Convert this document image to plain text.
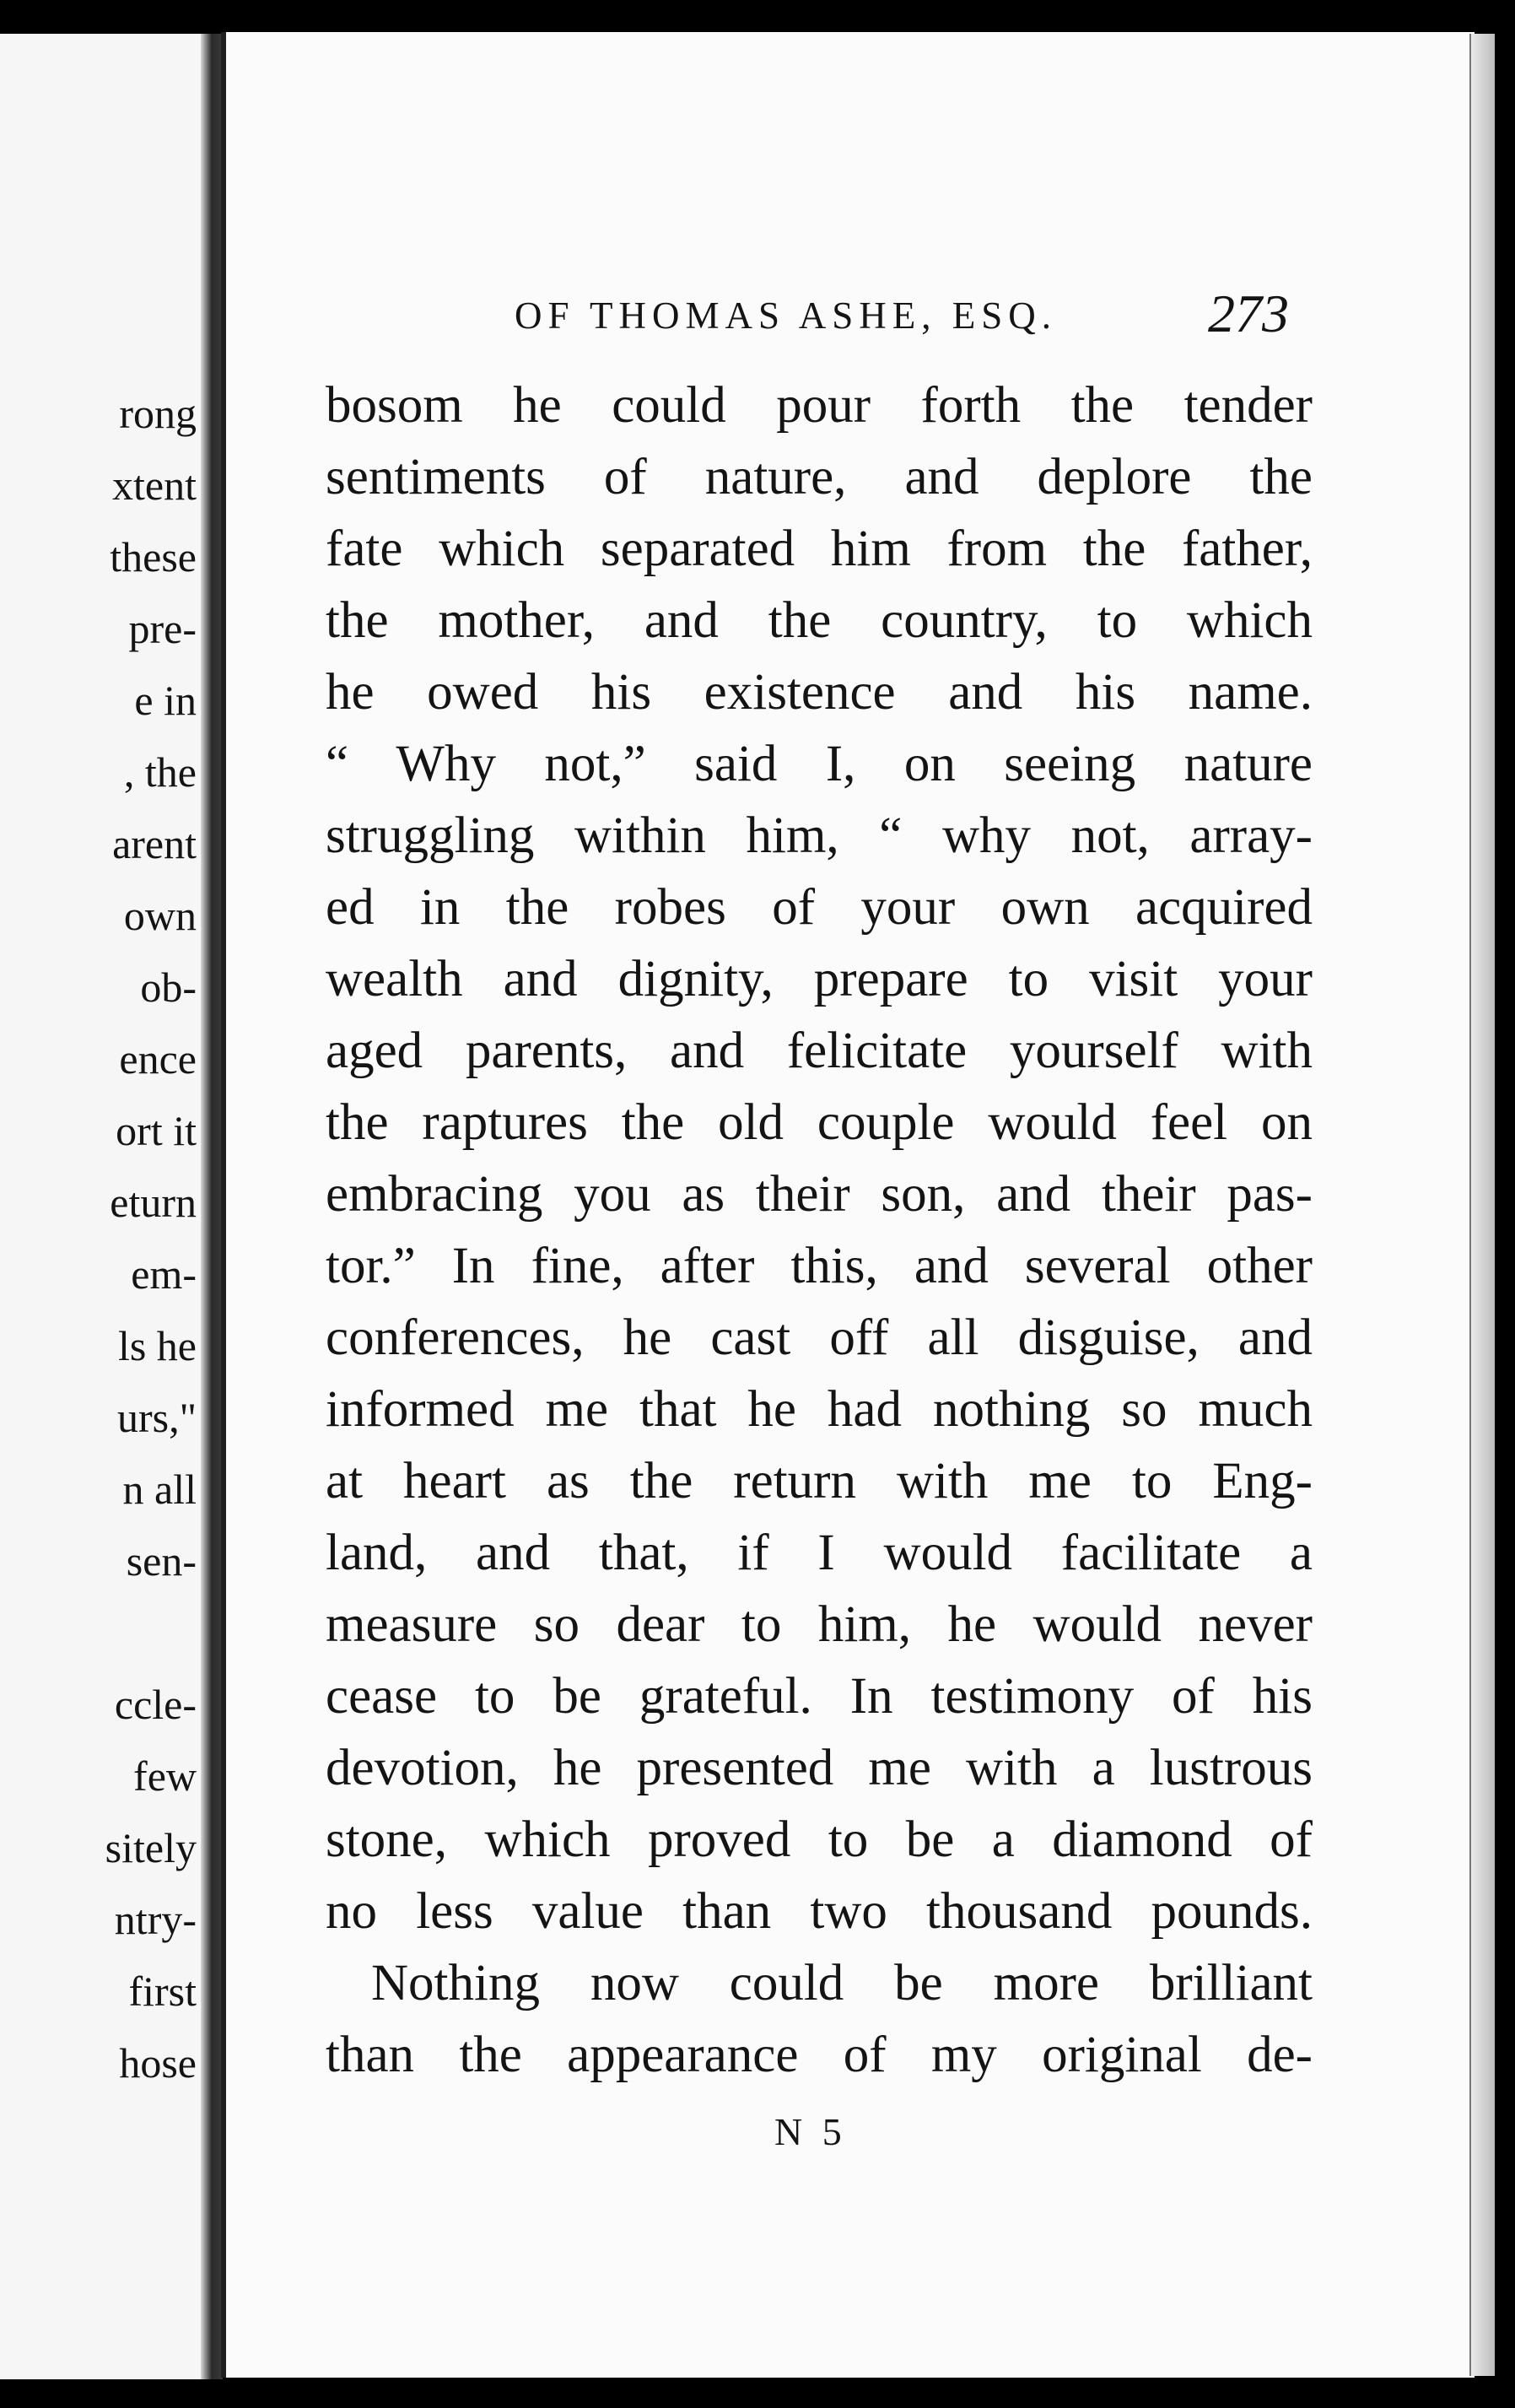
rong
xtent
these
pre-
e in
, the
arent
own
ob-
ence
ort it
eturn
em-
ls he
urs,"
n all
sen-
ccle-
few
sitely
ntry-
first
hose
OF THOMAS ASHE, ESQ.	273
bosom he could pour forth the tender
sentiments of nature, and deplore the
fate which separated him from the father,
the mother, and the country, to which
he owed his existence and his name.
“ Why not,” said I, on seeing nature
struggling within him, “ why not, array-
ed in the robes of your own acquired
wealth and dignity, prepare to visit your
aged parents, and felicitate yourself with
the raptures the old couple would feel on
embracing you as their son, and their pas-
tor.” In fine, after this, and several other
conferences, he cast off all disguise, and
informed me that he had nothing so much
at heart as the return with me to Eng-
land, and that, if I would facilitate a
measure so dear to him, he would never
cease to be grateful. In testimony of his
devotion, he presented me with a lustrous
stone, which proved to be a diamond of
no less value than two thousand pounds.
Nothing now could be more brilliant
than the appearance of my original de-
N 5
